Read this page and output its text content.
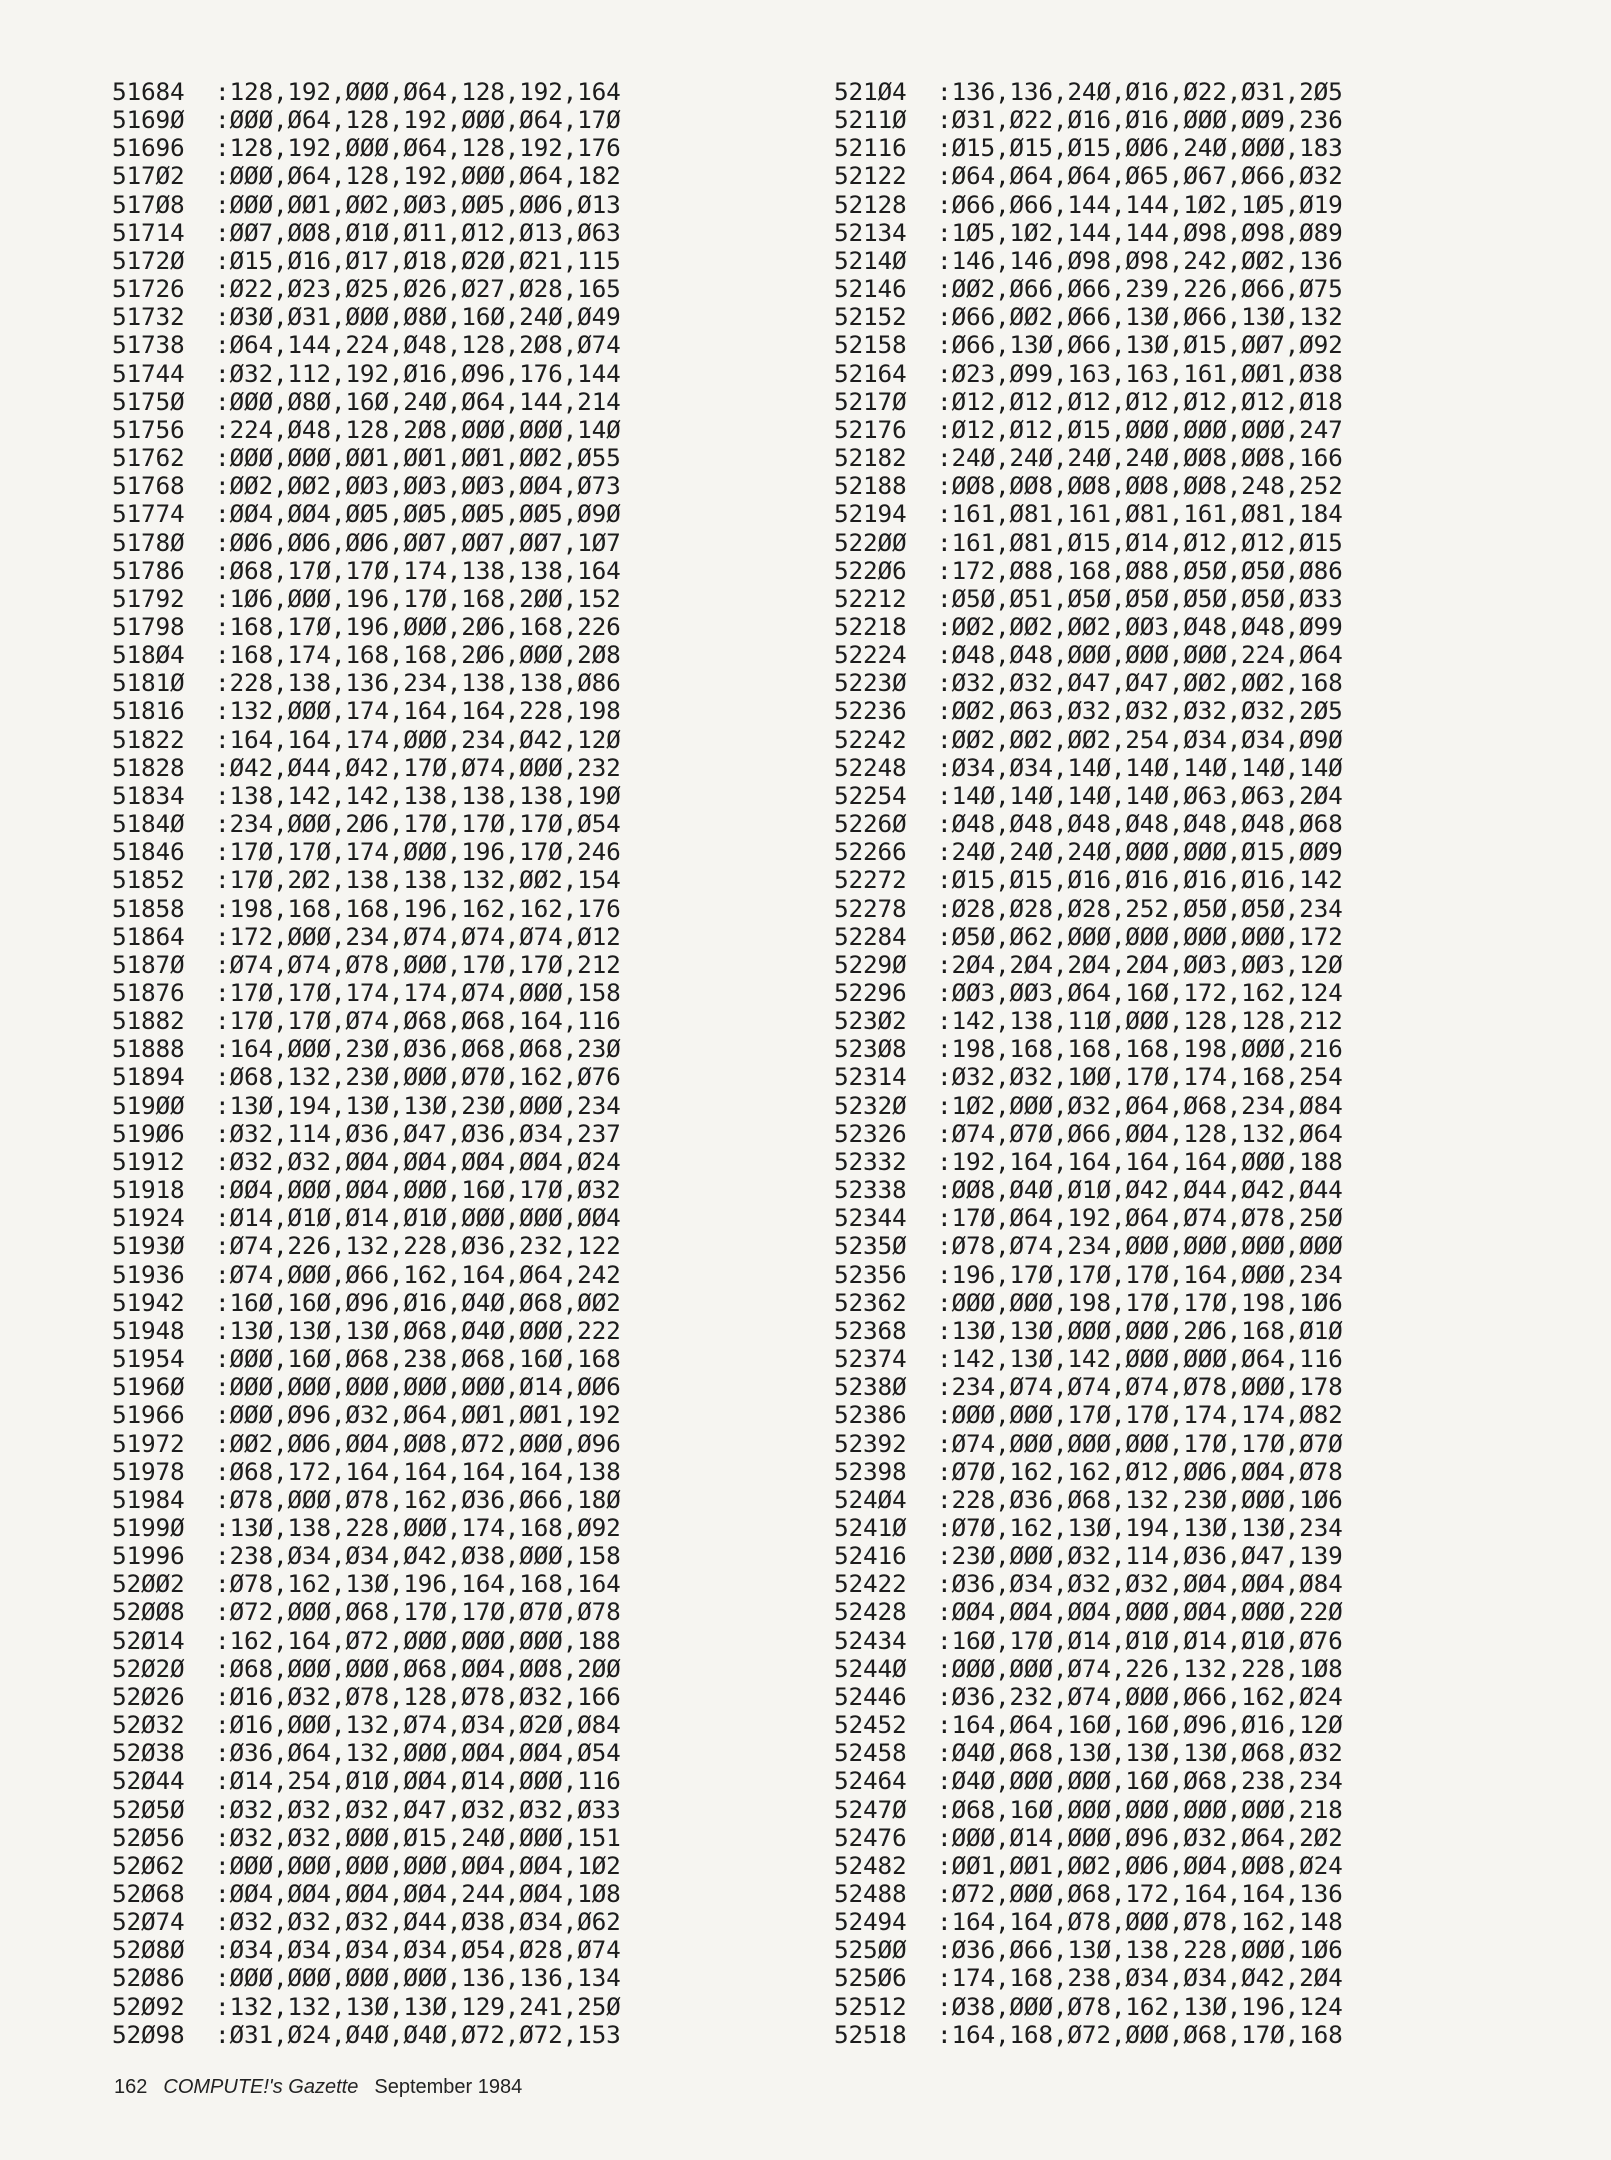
51684 :128,192,ØØØ,Ø64,128,192,164
5169Ø :ØØØ,Ø64,128,192,ØØØ,Ø64,17Ø
51696 :128,192,ØØØ,Ø64,128,192,176
517Ø2 :ØØØ,Ø64,128,192,ØØØ,Ø64,182
517Ø8 :ØØØ,ØØ1,ØØ2,ØØ3,ØØ5,ØØ6,Ø13
51714 :ØØ7,ØØ8,Ø1Ø,Ø11,Ø12,Ø13,Ø63
5172Ø :Ø15,Ø16,Ø17,Ø18,Ø2Ø,Ø21,115
51726 :Ø22,Ø23,Ø25,Ø26,Ø27,Ø28,165
51732 :Ø3Ø,Ø31,ØØØ,Ø8Ø,16Ø,24Ø,Ø49
51738 :Ø64,144,224,Ø48,128,2Ø8,Ø74
51744 :Ø32,112,192,Ø16,Ø96,176,144
5175Ø :ØØØ,Ø8Ø,16Ø,24Ø,Ø64,144,214
51756 :224,Ø48,128,2Ø8,ØØØ,ØØØ,14Ø
51762 :ØØØ,ØØØ,ØØ1,ØØ1,ØØ1,ØØ2,Ø55
51768 :ØØ2,ØØ2,ØØ3,ØØ3,ØØ3,ØØ4,Ø73
51774 :ØØ4,ØØ4,ØØ5,ØØ5,ØØ5,ØØ5,Ø9Ø
5178Ø :ØØ6,ØØ6,ØØ6,ØØ7,ØØ7,ØØ7,1Ø7
51786 :Ø68,17Ø,17Ø,174,138,138,164
51792 :1Ø6,ØØØ,196,17Ø,168,2ØØ,152
51798 :168,17Ø,196,ØØØ,2Ø6,168,226
518Ø4 :168,174,168,168,2Ø6,ØØØ,2Ø8
5181Ø :228,138,136,234,138,138,Ø86
51816 :132,ØØØ,174,164,164,228,198
51822 :164,164,174,ØØØ,234,Ø42,12Ø
51828 :Ø42,Ø44,Ø42,17Ø,Ø74,ØØØ,232
51834 :138,142,142,138,138,138,19Ø
5184Ø :234,ØØØ,2Ø6,17Ø,17Ø,17Ø,Ø54
51846 :17Ø,17Ø,174,ØØØ,196,17Ø,246
51852 :17Ø,2Ø2,138,138,132,ØØ2,154
51858 :198,168,168,196,162,162,176
51864 :172,ØØØ,234,Ø74,Ø74,Ø74,Ø12
5187Ø :Ø74,Ø74,Ø78,ØØØ,17Ø,17Ø,212
51876 :17Ø,17Ø,174,174,Ø74,ØØØ,158
51882 :17Ø,17Ø,Ø74,Ø68,Ø68,164,116
51888 :164,ØØØ,23Ø,Ø36,Ø68,Ø68,23Ø
51894 :Ø68,132,23Ø,ØØØ,Ø7Ø,162,Ø76
519ØØ :13Ø,194,13Ø,13Ø,23Ø,ØØØ,234
519Ø6 :Ø32,114,Ø36,Ø47,Ø36,Ø34,237
51912 :Ø32,Ø32,ØØ4,ØØ4,ØØ4,ØØ4,Ø24
51918 :ØØ4,ØØØ,ØØ4,ØØØ,16Ø,17Ø,Ø32
51924 :Ø14,Ø1Ø,Ø14,Ø1Ø,ØØØ,ØØØ,ØØ4
5193Ø :Ø74,226,132,228,Ø36,232,122
51936 :Ø74,ØØØ,Ø66,162,164,Ø64,242
51942 :16Ø,16Ø,Ø96,Ø16,Ø4Ø,Ø68,ØØ2
51948 :13Ø,13Ø,13Ø,Ø68,Ø4Ø,ØØØ,222
51954 :ØØØ,16Ø,Ø68,238,Ø68,16Ø,168
5196Ø :ØØØ,ØØØ,ØØØ,ØØØ,ØØØ,Ø14,ØØ6
51966 :ØØØ,Ø96,Ø32,Ø64,ØØ1,ØØ1,192
51972 :ØØ2,ØØ6,ØØ4,ØØ8,Ø72,ØØØ,Ø96
51978 :Ø68,172,164,164,164,164,138
51984 :Ø78,ØØØ,Ø78,162,Ø36,Ø66,18Ø
5199Ø :13Ø,138,228,ØØØ,174,168,Ø92
51996 :238,Ø34,Ø34,Ø42,Ø38,ØØØ,158
52ØØ2 :Ø78,162,13Ø,196,164,168,164
52ØØ8 :Ø72,ØØØ,Ø68,17Ø,17Ø,Ø7Ø,Ø78
52Ø14 :162,164,Ø72,ØØØ,ØØØ,ØØØ,188
52Ø2Ø :Ø68,ØØØ,ØØØ,Ø68,ØØ4,ØØ8,2ØØ
52Ø26 :Ø16,Ø32,Ø78,128,Ø78,Ø32,166
52Ø32 :Ø16,ØØØ,132,Ø74,Ø34,Ø2Ø,Ø84
52Ø38 :Ø36,Ø64,132,ØØØ,ØØ4,ØØ4,Ø54
52Ø44 :Ø14,254,Ø1Ø,ØØ4,Ø14,ØØØ,116
52Ø5Ø :Ø32,Ø32,Ø32,Ø47,Ø32,Ø32,Ø33
52Ø56 :Ø32,Ø32,ØØØ,Ø15,24Ø,ØØØ,151
52Ø62 :ØØØ,ØØØ,ØØØ,ØØØ,ØØ4,ØØ4,1Ø2
52Ø68 :ØØ4,ØØ4,ØØ4,ØØ4,244,ØØ4,1Ø8
52Ø74 :Ø32,Ø32,Ø32,Ø44,Ø38,Ø34,Ø62
52Ø8Ø :Ø34,Ø34,Ø34,Ø34,Ø54,Ø28,Ø74
52Ø86 :ØØØ,ØØØ,ØØØ,ØØØ,136,136,134
52Ø92 :132,132,13Ø,13Ø,129,241,25Ø
52Ø98 :Ø31,Ø24,Ø4Ø,Ø4Ø,Ø72,Ø72,153
521Ø4 :136,136,24Ø,Ø16,Ø22,Ø31,2Ø5
5211Ø :Ø31,Ø22,Ø16,Ø16,ØØØ,ØØ9,236
52116 :Ø15,Ø15,Ø15,ØØ6,24Ø,ØØØ,183
52122 :Ø64,Ø64,Ø64,Ø65,Ø67,Ø66,Ø32
52128 :Ø66,Ø66,144,144,1Ø2,1Ø5,Ø19
52134 :1Ø5,1Ø2,144,144,Ø98,Ø98,Ø89
5214Ø :146,146,Ø98,Ø98,242,ØØ2,136
52146 :ØØ2,Ø66,Ø66,239,226,Ø66,Ø75
52152 :Ø66,ØØ2,Ø66,13Ø,Ø66,13Ø,132
52158 :Ø66,13Ø,Ø66,13Ø,Ø15,ØØ7,Ø92
52164 :Ø23,Ø99,163,163,161,ØØ1,Ø38
5217Ø :Ø12,Ø12,Ø12,Ø12,Ø12,Ø12,Ø18
52176 :Ø12,Ø12,Ø15,ØØØ,ØØØ,ØØØ,247
52182 :24Ø,24Ø,24Ø,24Ø,ØØ8,ØØ8,166
52188 :ØØ8,ØØ8,ØØ8,ØØ8,ØØ8,248,252
52194 :161,Ø81,161,Ø81,161,Ø81,184
522ØØ :161,Ø81,Ø15,Ø14,Ø12,Ø12,Ø15
522Ø6 :172,Ø88,168,Ø88,Ø5Ø,Ø5Ø,Ø86
52212 :Ø5Ø,Ø51,Ø5Ø,Ø5Ø,Ø5Ø,Ø5Ø,Ø33
52218 :ØØ2,ØØ2,ØØ2,ØØ3,Ø48,Ø48,Ø99
52224 :Ø48,Ø48,ØØØ,ØØØ,ØØØ,224,Ø64
5223Ø :Ø32,Ø32,Ø47,Ø47,ØØ2,ØØ2,168
52236 :ØØ2,Ø63,Ø32,Ø32,Ø32,Ø32,2Ø5
52242 :ØØ2,ØØ2,ØØ2,254,Ø34,Ø34,Ø9Ø
52248 :Ø34,Ø34,14Ø,14Ø,14Ø,14Ø,14Ø
52254 :14Ø,14Ø,14Ø,14Ø,Ø63,Ø63,2Ø4
5226Ø :Ø48,Ø48,Ø48,Ø48,Ø48,Ø48,Ø68
52266 :24Ø,24Ø,24Ø,ØØØ,ØØØ,Ø15,ØØ9
52272 :Ø15,Ø15,Ø16,Ø16,Ø16,Ø16,142
52278 :Ø28,Ø28,Ø28,252,Ø5Ø,Ø5Ø,234
52284 :Ø5Ø,Ø62,ØØØ,ØØØ,ØØØ,ØØØ,172
5229Ø :2Ø4,2Ø4,2Ø4,2Ø4,ØØ3,ØØ3,12Ø
52296 :ØØ3,ØØ3,Ø64,16Ø,172,162,124
523Ø2 :142,138,11Ø,ØØØ,128,128,212
523Ø8 :198,168,168,168,198,ØØØ,216
52314 :Ø32,Ø32,1ØØ,17Ø,174,168,254
5232Ø :1Ø2,ØØØ,Ø32,Ø64,Ø68,234,Ø84
52326 :Ø74,Ø7Ø,Ø66,ØØ4,128,132,Ø64
52332 :192,164,164,164,164,ØØØ,188
52338 :ØØ8,Ø4Ø,Ø1Ø,Ø42,Ø44,Ø42,Ø44
52344 :17Ø,Ø64,192,Ø64,Ø74,Ø78,25Ø
5235Ø :Ø78,Ø74,234,ØØØ,ØØØ,ØØØ,ØØØ
52356 :196,17Ø,17Ø,17Ø,164,ØØØ,234
52362 :ØØØ,ØØØ,198,17Ø,17Ø,198,1Ø6
52368 :13Ø,13Ø,ØØØ,ØØØ,2Ø6,168,Ø1Ø
52374 :142,13Ø,142,ØØØ,ØØØ,Ø64,116
5238Ø :234,Ø74,Ø74,Ø74,Ø78,ØØØ,178
52386 :ØØØ,ØØØ,17Ø,17Ø,174,174,Ø82
52392 :Ø74,ØØØ,ØØØ,ØØØ,17Ø,17Ø,Ø7Ø
52398 :Ø7Ø,162,162,Ø12,ØØ6,ØØ4,Ø78
524Ø4 :228,Ø36,Ø68,132,23Ø,ØØØ,1Ø6
5241Ø :Ø7Ø,162,13Ø,194,13Ø,13Ø,234
52416 :23Ø,ØØØ,Ø32,114,Ø36,Ø47,139
52422 :Ø36,Ø34,Ø32,Ø32,ØØ4,ØØ4,Ø84
52428 :ØØ4,ØØ4,ØØ4,ØØØ,ØØ4,ØØØ,22Ø
52434 :16Ø,17Ø,Ø14,Ø1Ø,Ø14,Ø1Ø,Ø76
5244Ø :ØØØ,ØØØ,Ø74,226,132,228,1Ø8
52446 :Ø36,232,Ø74,ØØØ,Ø66,162,Ø24
52452 :164,Ø64,16Ø,16Ø,Ø96,Ø16,12Ø
52458 :Ø4Ø,Ø68,13Ø,13Ø,13Ø,Ø68,Ø32
52464 :Ø4Ø,ØØØ,ØØØ,16Ø,Ø68,238,234
5247Ø :Ø68,16Ø,ØØØ,ØØØ,ØØØ,ØØØ,218
52476 :ØØØ,Ø14,ØØØ,Ø96,Ø32,Ø64,2Ø2
52482 :ØØ1,ØØ1,ØØ2,ØØ6,ØØ4,ØØ8,Ø24
52488 :Ø72,ØØØ,Ø68,172,164,164,136
52494 :164,164,Ø78,ØØØ,Ø78,162,148
525ØØ :Ø36,Ø66,13Ø,138,228,ØØØ,1Ø6
525Ø6 :174,168,238,Ø34,Ø34,Ø42,2Ø4
52512 :Ø38,ØØØ,Ø78,162,13Ø,196,124
52518 :164,168,Ø72,ØØØ,Ø68,17Ø,168
162 COMPUTE!'s Gazette September 1984
